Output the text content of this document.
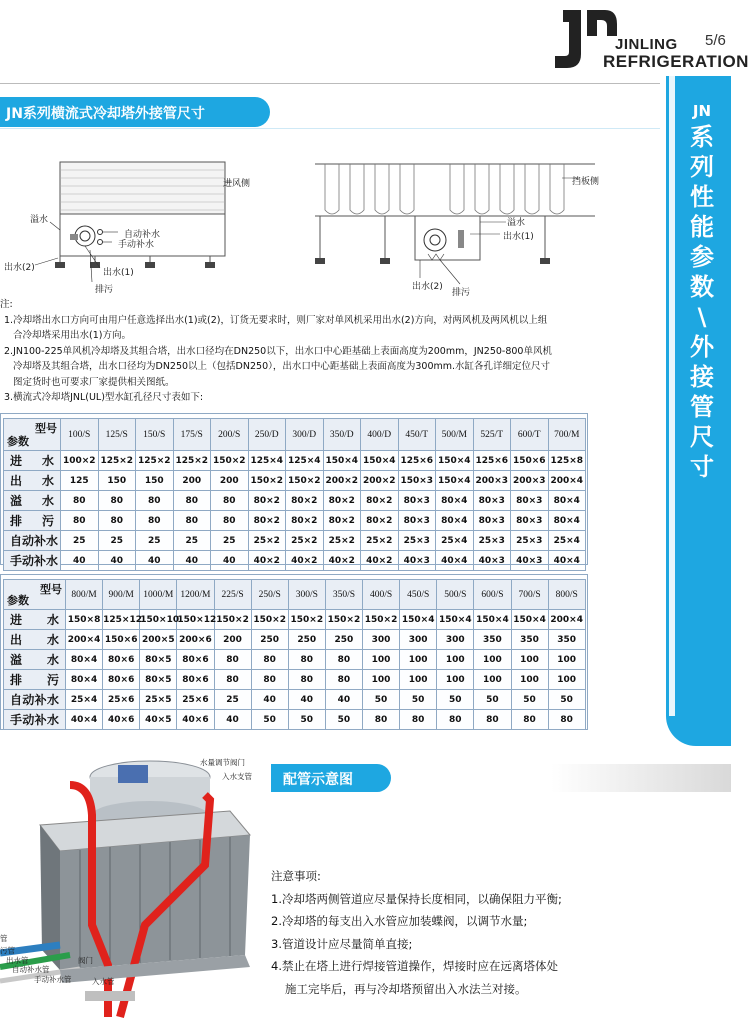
JINLING
REFRIGERATION
5/6
JN
系
列
性
能
参
数
\
外
接
管
尺
寸
JN系列横流式冷却塔外接管尺寸
进风侧
溢水
自动补水
手动补水
出水(2)	出水(1)
排污
挡板侧
溢水
出水(1)
出水(2)
排污

注:

1.冷却塔出水口方向可由用户任意选择出水(1)或(2)，订货无要求时，则厂家对单风机采用出水(2)方向，对两风机及两风机以上组

合冷却塔采用出水(1)方向。

2.JN100-225单风机冷却塔及其组合塔，出水口径均在DN250以下，出水口中心距基础上表面高度为200mm，JN250-800单风机

冷却塔及其组合塔，出水口径均为DN250以上（包括DN250），出水口中心距基础上表面高度为300mm.水缸各孔详细定位尺寸

图定货时也可要求厂家提供相关图纸。

3.横流式冷却塔JNL(UL)型水缸孔径尺寸表如下:

型号
参数	100/S	125/S	150/S	175/S	200/S	250/D	300/D	350/D	400/D	450/T	500/M	525/T	600/T	700/M
进水	100×2	125×2	125×2	125×2	150×2	125×4	125×4	150×4	150×4	125×6	150×4	125×6	150×6	125×8
出水	125	150	150	200	200	150×2	150×2	200×2	200×2	150×3	150×4	200×3	200×3	200×4
溢水	80	80	80	80	80	80×2	80×2	80×2	80×2	80×3	80×4	80×3	80×3	80×4
排污	80	80	80	80	80	80×2	80×2	80×2	80×2	80×3	80×4	80×3	80×3	80×4
自动补水	25	25	25	25	25	25×2	25×2	25×2	25×2	25×3	25×4	25×3	25×3	25×4
手动补水	40	40	40	40	40	40×2	40×2	40×2	40×2	40×3	40×4	40×3	40×3	40×4
型号
参数	800/M	900/M	1000/M	1200/M	225/S	250/S	300/S	350/S	400/S	450/S	500/S	600/S	700/S	800/S
进水	150×8	125×12	150×10	150×12	150×2	150×2	150×2	150×2	150×2	150×4	150×4	150×4	150×4	200×4
出水	200×4	150×6	200×5	200×6	200	250	250	250	300	300	300	350	350	350
溢水	80×4	80×6	80×5	80×6	80	80	80	80	100	100	100	100	100	100
排污	80×4	80×6	80×5	80×6	80	80	80	80	100	100	100	100	100	100
自动补水	25×4	25×6	25×5	25×6	25	40	40	40	50	50	50	50	50	50
手动补水	40×4	40×6	40×5	40×6	40	50	50	50	80	80	80	80	80	80
配管示意图
水量调节阀门
入水支管
管
污管
出水管
自动补水管
手动补水管
阀门
入水管

注意事项:

1.冷却塔两侧管道应尽量保持长度相同，以确保阻力平衡;

2.冷却塔的每支出入水管应加装蝶阀，以调节水量;

3.管道设计应尽量简单直接;

4.禁止在塔上进行焊接管道操作，焊接时应在远离塔体处

施工完毕后，再与冷却塔预留出入水法兰对接。
